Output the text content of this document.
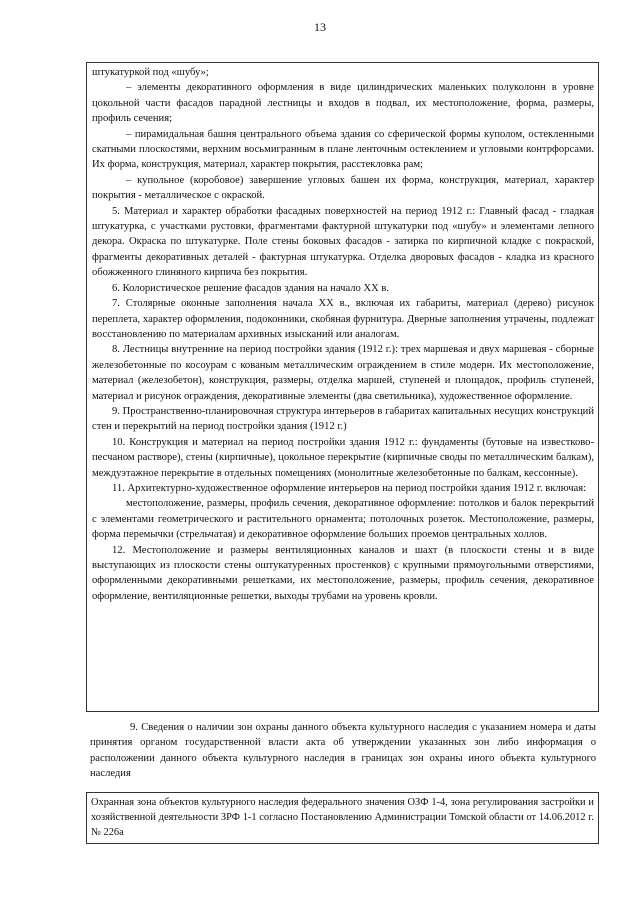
13

штукатуркой под «шубу»;

– элементы декоративного оформления в виде цилиндрических маленьких полуколонн в уровне цокольной части фасадов парадной лестницы и входов в подвал, их местоположение, форма, размеры, профиль сечения;

– пирамидальная башня центрального объема здания со сферической формы куполом, остекленными скатными плоскостями, верхним восьмигранным в плане ленточным остеклением и угловыми контрфорсами. Их форма, конструкция, материал, характер покрытия, расстекловка рам;

– купольное (коробовое) завершение угловых башен их форма, конструкция, материал, характер покрытия - металлическое с окраской.

5. Материал и характер обработки фасадных поверхностей на период 1912 г.: Главный фасад - гладкая штукатурка, с участками рустовки, фрагментами фактурной штукатурки под «шубу» и элементами лепного декора. Окраска по штукатурке. Поле стены боковых фасадов - затирка по кирпичной кладке с покраской, фрагменты декоративных деталей - фактурная штукатурка. Отделка дворовых фасадов - кладка из красного обожженного глиняного кирпича без покрытия.

6. Колористическое решение фасадов здания на начало XX в.

7. Столярные оконные заполнения начала XX в., включая их габариты, материал (дерево) рисунок переплета, характер оформления, подоконники, скобяная фурнитура. Дверные заполнения утрачены, подлежат восстановлению по материалам архивных изысканий или аналогам.

8. Лестницы внутренние на период постройки здания (1912 г.): трех маршевая и двух маршевая - сборные железобетонные по косоурам с кованым металлическим ограждением в стиле модерн. Их местоположение, материал (железобетон), конструкция, размеры, отделка маршей, ступеней и площадок, профиль ступеней, материал и рисунок ограждения, декоративные элементы (два светильника), художественное оформление.

9. Пространственно-планировочная структура интерьеров в габаритах капитальных несущих конструкций стен и перекрытий на период постройки здания (1912 г.)

10. Конструкция и материал на период постройки здания 1912 г.: фундаменты (бутовые на известково-песчаном растворе), стены (кирпичные), цокольное перекрытие (кирпичные своды по металлическим балкам), междуэтажное перекрытие в отдельных помещениях (монолитные железобетонные по балкам, кессонные).

11. Архитектурно-художественное оформление интерьеров на период постройки здания 1912 г. включая:

местоположение, размеры, профиль сечения, декоративное оформление: потолков и балок перекрытий с элементами геометрического и растительного орнамента; потолочных розеток. Местоположение, размеры, форма перемычки (стрельчатая) и декоративное оформление больших проемов центральных холлов.

12. Местоположение и размеры вентиляционных каналов и шахт (в плоскости стены и в виде выступающих из плоскости стены оштукатуренных простенков) с крупными прямоугольными отверстиями, оформленными декоративными решетками, их местоположение, размеры, профиль сечения, декоративное оформление, вентиляционные решетки, выходы трубами на уровень кровли.

9. Сведения о наличии зон охраны данного объекта культурного наследия с указанием номера и даты принятия органом государственной власти акта об утверждении указанных зон либо информация о расположении данного объекта культурного наследия в границах зон охраны иного объекта культурного наследия

Охранная зона объектов культурного наследия федерального значения ОЗФ 1-4, зона регулирования застройки и хозяйственной деятельности ЗРФ 1-1 согласно Постановлению Администрации Томской области от 14.06.2012 г. № 226а
